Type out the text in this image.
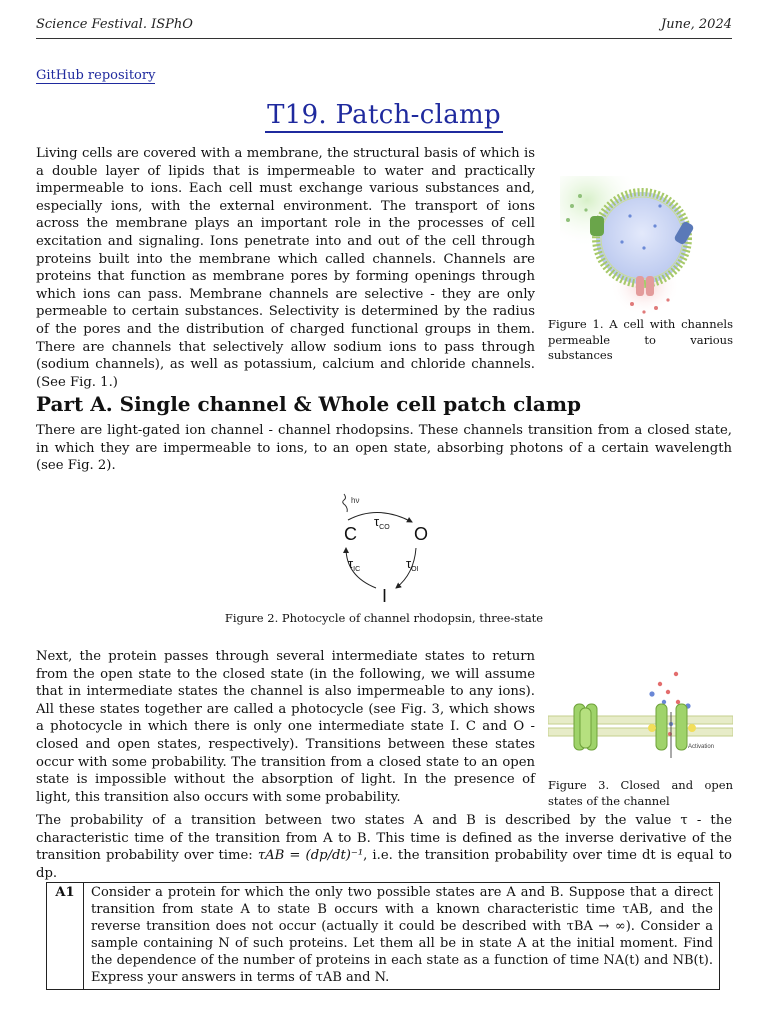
Science Festival. ISPhO	June, 2024
GitHub repository
T19. Patch-clamp
Living cells are covered with a membrane, the structural basis of which is a double layer of lipids that is impermeable to water and practically impermeable to ions. Each cell must exchange various substances and, especially ions, with the external environment. The transport of ions across the membrane plays an important role in the processes of cell excitation and signaling. Ions penetrate into and out of the cell through proteins built into the membrane which called channels. Channels are proteins that function as membrane pores by forming openings through which ions can pass. Membrane channels are selective - they are only permeable to certain substances. Selectivity is determined by the radius of the pores and the distribution of charged functional groups in them. There are channels that selectively allow sodium ions to pass through (sodium channels), as well as potassium, calcium and chloride channels. (See Fig. 1.)
Figure 1. A cell with channels permeable to various substances
Part A. Single channel & Whole cell patch clamp
There are light-gated ion channel - channel rhodopsins. These channels transition from a closed state, in which they are impermeable to ions, to an open state, absorbing photons of a certain wavelength (see Fig. 2).
hν
C	O
I
$\tau_{CO}$
$\tau_{IC}$	$\tau_{OI}$
Figure 2. Photocycle of channel rhodopsin, three-state
Next, the protein passes through several intermediate states to return from the open state to the closed state (in the following, we will assume that in intermediate states the channel is also impermeable to any ions). All these states together are called a photocycle (see Fig. 3, which shows a photocycle in which there is only one intermediate state I. C and O - closed and open states, respectively). Transitions between these states occur with some probability. The transition from a closed state to an open state is impossible without the absorption of light. In the presence of light, this transition also occurs with some probability.
Activation
Figure 3. Closed and open states of the channel
The probability of a transition between two states A and B is described by the value τ - the characteristic time of the transition from A to B. This time is defined as the inverse derivative of the transition probability over time: τAB = (dp/dt)⁻¹, i.e. the transition probability over time dt is equal to dp.
A1	Consider a protein for which the only two possible states are A and B. Suppose that a direct transition from state A to state B occurs with a known characteristic time τAB, and the reverse transition does not occur (actually it could be described with τBA → ∞). Consider a sample containing N of such proteins. Let them all be in state A at the initial moment. Find the dependence of the number of proteins in each state as a function of time NA(t) and NB(t). Express your answers in terms of τAB and N.
